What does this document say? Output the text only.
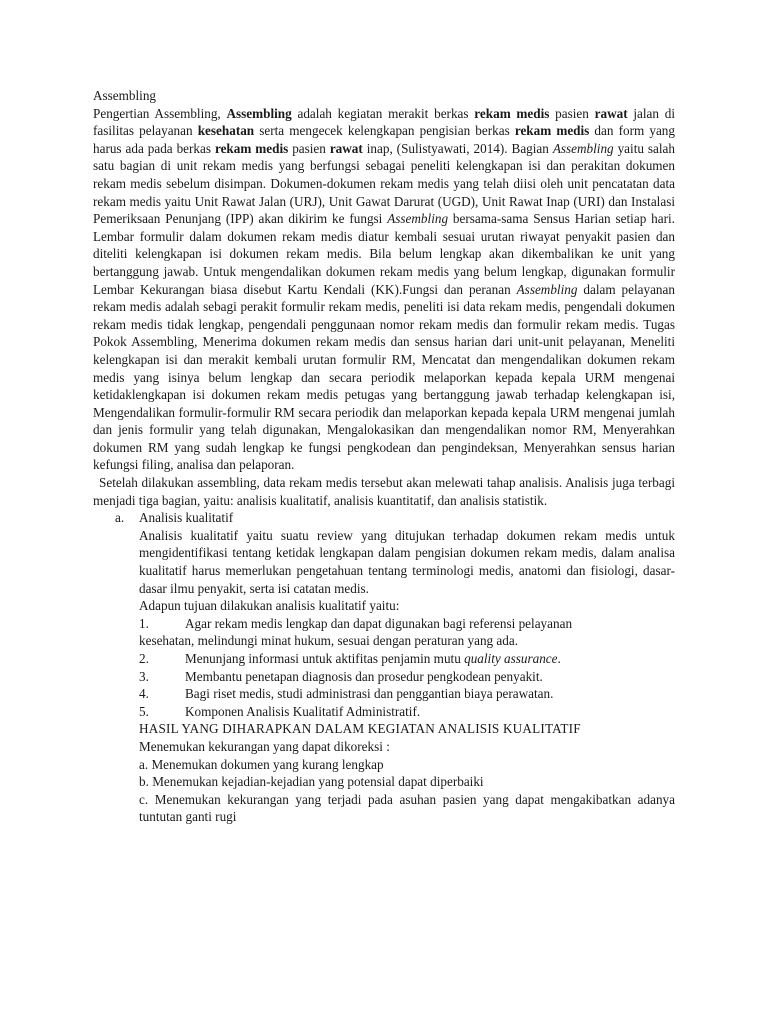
Assembling

Pengertian Assembling, Assembling adalah kegiatan merakit berkas rekam medis pasien rawat jalan di fasilitas pelayanan kesehatan serta mengecek kelengkapan pengisian berkas rekam medis dan form yang harus ada pada berkas rekam medis pasien rawat inap, (Sulistyawati, 2014). Bagian Assembling yaitu salah satu bagian di unit rekam medis yang berfungsi sebagai peneliti kelengkapan isi dan perakitan dokumen rekam medis sebelum disimpan. Dokumen-dokumen rekam medis yang telah diisi oleh unit pencatatan data rekam medis yaitu Unit Rawat Jalan (URJ), Unit Gawat Darurat (UGD), Unit Rawat Inap (URI) dan Instalasi Pemeriksaan Penunjang (IPP) akan dikirim ke fungsi Assembling bersama-sama Sensus Harian setiap hari. Lembar formulir dalam dokumen rekam medis diatur kembali sesuai urutan riwayat penyakit pasien dan diteliti kelengkapan isi dokumen rekam medis. Bila belum lengkap akan dikembalikan ke unit yang bertanggung jawab. Untuk mengendalikan dokumen rekam medis yang belum lengkap, digunakan formulir Lembar Kekurangan biasa disebut Kartu Kendali (KK).Fungsi dan peranan Assembling dalam pelayanan rekam medis adalah sebagi perakit formulir rekam medis, peneliti isi data rekam medis, pengendali dokumen rekam medis tidak lengkap, pengendali penggunaan nomor rekam medis dan formulir rekam medis. Tugas Pokok Assembling, Menerima dokumen rekam medis dan sensus harian dari unit-unit pelayanan, Meneliti kelengkapan isi dan merakit kembali urutan formulir RM, Mencatat dan mengendalikan dokumen rekam medis yang isinya belum lengkap dan secara periodik melaporkan kepada kepala URM mengenai ketidaklengkapan isi dokumen rekam medis petugas yang bertanggung jawab terhadap kelengkapan isi, Mengendalikan formulir-formulir RM secara periodik dan melaporkan kepada kepala URM mengenai jumlah dan jenis formulir yang telah digunakan, Mengalokasikan dan mengendalikan nomor RM, Menyerahkan dokumen RM yang sudah lengkap ke fungsi pengkodean dan pengindeksan, Menyerahkan sensus harian kefungsi filing, analisa dan pelaporan.

Setelah dilakukan assembling, data rekam medis tersebut akan melewati tahap analisis. Analisis juga terbagi menjadi tiga bagian, yaitu: analisis kualitatif, analisis kuantitatif, dan analisis statistik.

a. Analisis kualitatif

Analisis kualitatif yaitu suatu review yang ditujukan terhadap dokumen rekam medis untuk mengidentifikasi tentang ketidak lengkapan dalam pengisian dokumen rekam medis, dalam analisa kualitatif harus memerlukan pengetahuan tentang terminologi medis, anatomi dan fisiologi, dasar-dasar ilmu penyakit, serta isi catatan medis.

Adapun tujuan dilakukan analisis kualitatif yaitu:

1.	Agar rekam medis lengkap dan dapat digunakan bagi referensi pelayanan
kesehatan, melindungi minat hukum, sesuai dengan peraturan yang ada.
2.	Menunjang informasi untuk aktifitas penjamin mutu quality assurance.
3.	Membantu penetapan diagnosis dan prosedur pengkodean penyakit.
4.	Bagi riset medis, studi administrasi dan penggantian biaya perawatan.
5.	Komponen Analisis Kualitatif Administratif.

HASIL YANG DIHARAPKAN DALAM KEGIATAN ANALISIS KUALITATIF

Menemukan kekurangan yang dapat dikoreksi :

a. Menemukan dokumen yang kurang lengkap

b. Menemukan kejadian-kejadian yang potensial dapat diperbaiki

c. Menemukan kekurangan yang terjadi pada asuhan pasien yang dapat mengakibatkan adanya tuntutan ganti rugi
